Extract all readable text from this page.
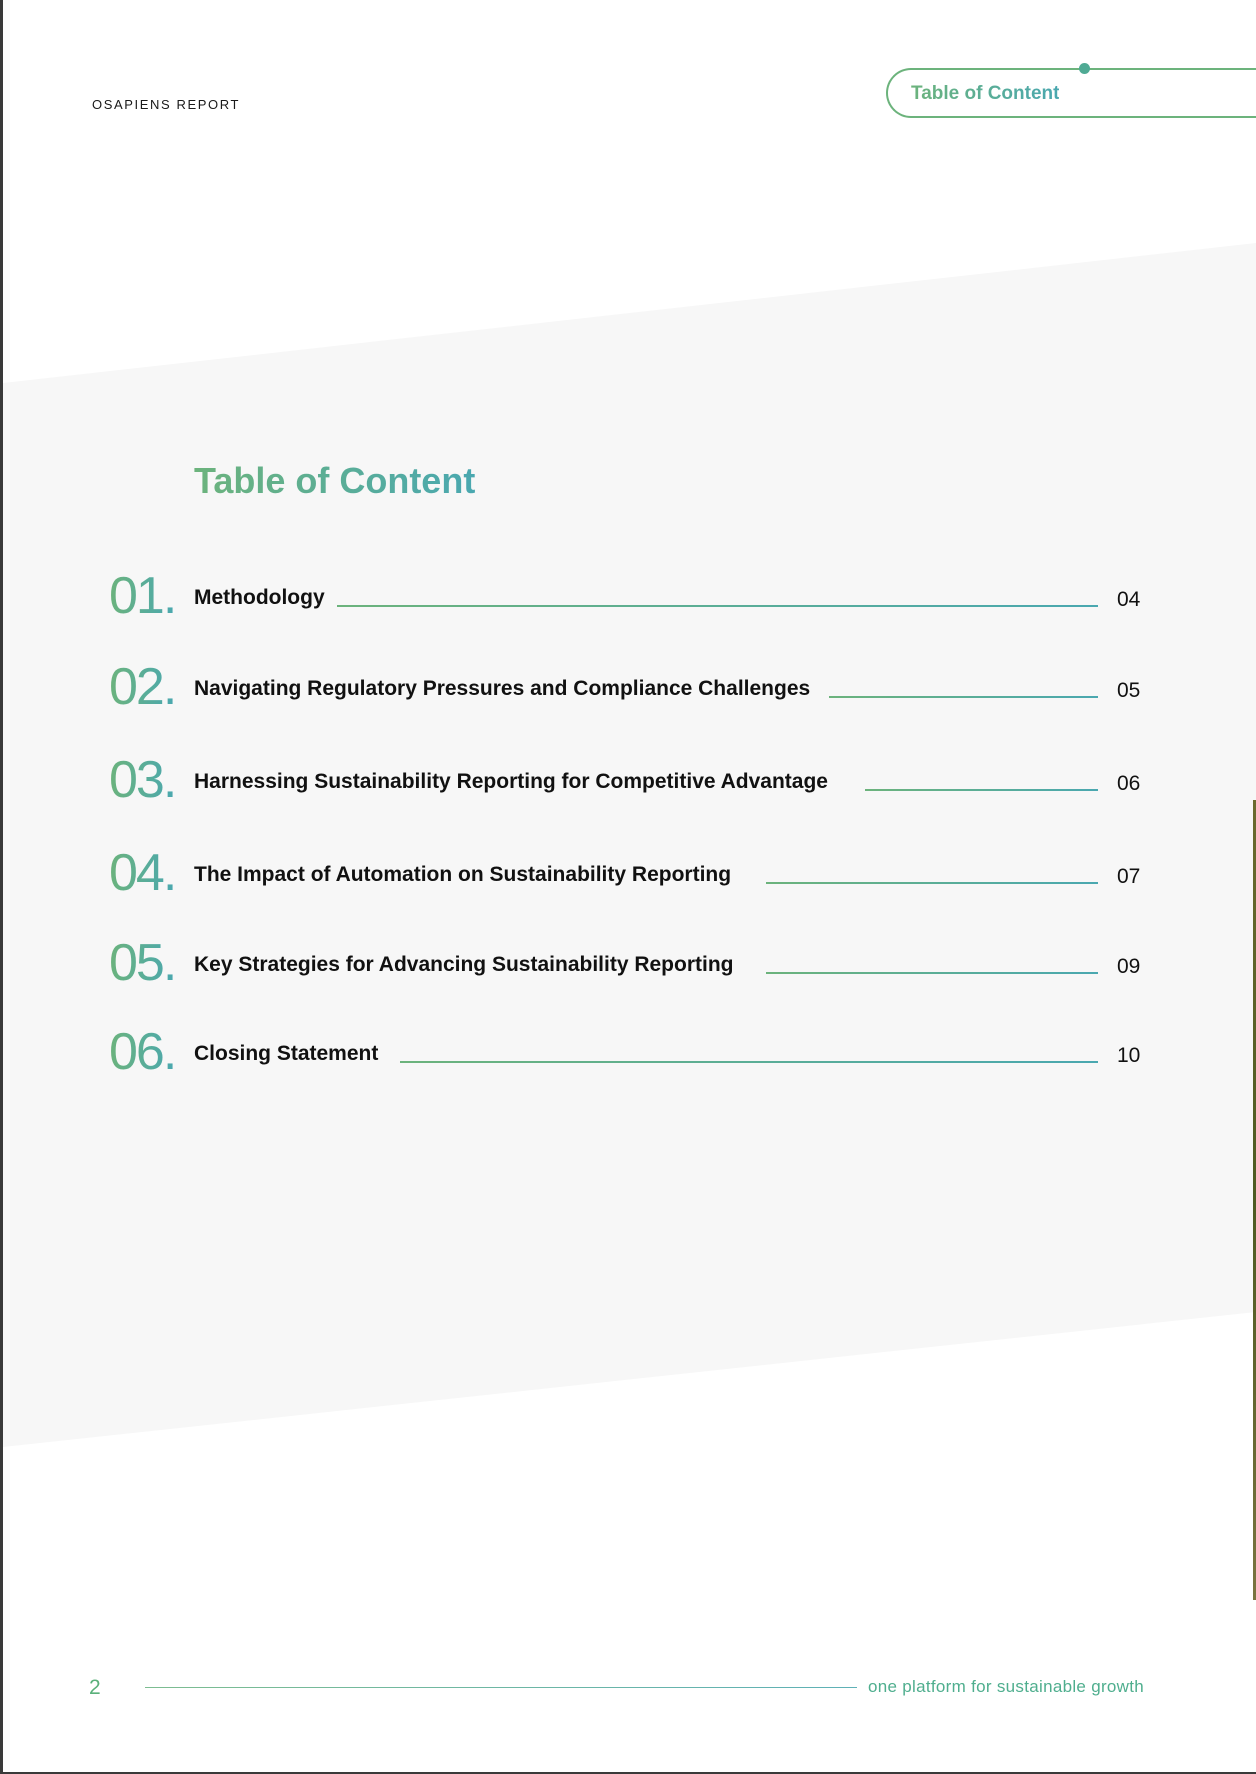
OSAPIENS REPORT
Table of Content
Table of Content
01. Methodology	04
02. Navigating Regulatory Pressures and Compliance Challenges	05
03. Harnessing Sustainability Reporting for Competitive Advantage	06
04. The Impact of Automation on Sustainability Reporting	07
05. Key Strategies for Advancing Sustainability Reporting	09
06. Closing Statement	10
2	one platform for sustainable growth
